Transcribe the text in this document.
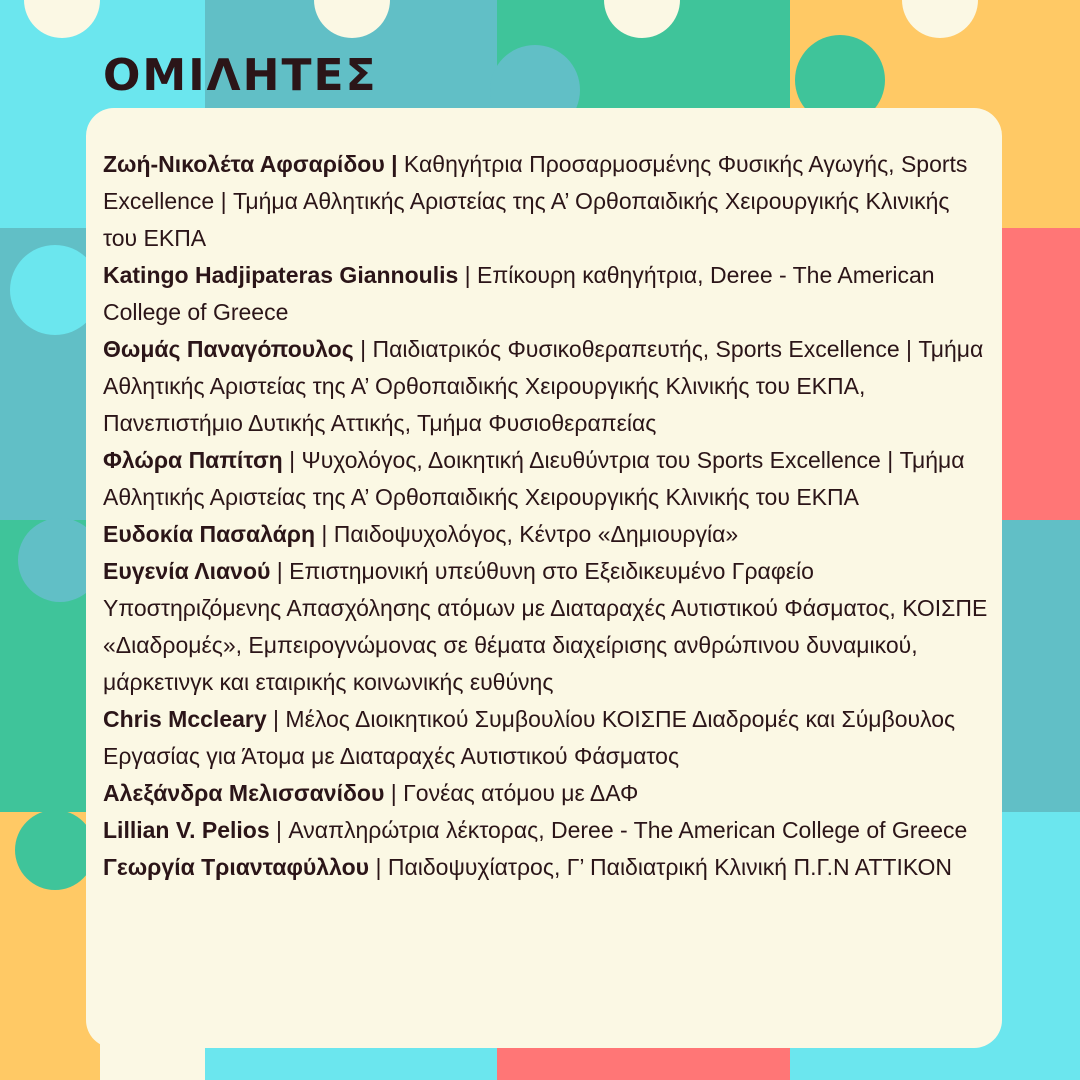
ΟΜΙΛΗΤΕΣ

Ζωή-Νικολέτα Αφσαρίδου | Καθηγήτρια Προσαρμοσμένης Φυσικής Αγωγής, Sports Excellence | Τμήμα Αθλητικής Αριστείας της Α’ Ορθοπαιδικής Χειρουργικής Κλινικής του ΕΚΠΑ

Katingo Hadjipateras Giannoulis | Επίκουρη καθηγήτρια, Deree - The American College of Greece

Θωμάς Παναγόπουλος | Παιδιατρικός Φυσικοθεραπευτής, Sports Excellence | Τμήμα Αθλητικής Αριστείας της Α’ Ορθοπαιδικής Χειρουργικής Κλινικής του ΕΚΠΑ, Πανεπιστήμιο Δυτικής Αττικής, Τμήμα Φυσιοθεραπείας

Φλώρα Παπίτση | Ψυχολόγος, Δοικητική Διευθύντρια του Sports Excellence | Τμήμα Αθλητικής Αριστείας της Α’ Ορθοπαιδικής Χειρουργικής Κλινικής του ΕΚΠΑ

Ευδοκία Πασαλάρη | Παιδοψυχολόγος, Κέντρο «Δημιουργία»

Ευγενία Λιανού | Επιστημονική υπεύθυνη στο Εξειδικευμένο Γραφείο Υποστηριζόμενης Απασχόλησης ατόμων με Διαταραχές Αυτιστικού Φάσματος, ΚΟΙΣΠΕ «Διαδρομές», Εμπειρογνώμονας σε θέματα διαχείρισης ανθρώπινου δυναμικού, μάρκετινγκ και εταιρικής κοινωνικής ευθύνης

Chris Mccleary | Μέλος Διοικητικού Συμβουλίου ΚΟΙΣΠΕ Διαδρομές και Σύμβουλος Εργασίας για Άτομα με Διαταραχές Αυτιστικού Φάσματος

Αλεξάνδρα Μελισσανίδου | Γονέας ατόμου με ΔΑΦ

Lillian V. Pelios | Αναπληρώτρια λέκτορας, Deree - The American College of Greece

Γεωργία Τριανταφύλλου | Παιδοψυχίατρος, Γ’ Παιδιατρική Κλινική Π.Γ.Ν ΑΤΤΙΚΟΝ
